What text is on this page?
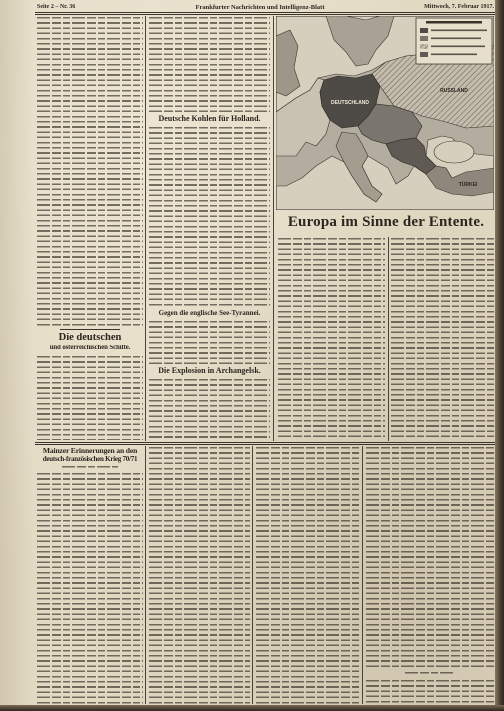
Seite 2 – Nr. 36	Frankfurter Nachrichten und Intelligenz-Blatt	Mittwoch, 7. Februar 1917.
Die deutschen
und österreichischen Schiffe.
Deutsche Kohlen für Holland.
Gegen die englische See-Tyrannei.
Die Explosion in Archangelsk.
DEUTSCHLAND
RUSSLAND
TÜRKEI
Europa im Sinne der Entente.
Mainzer Erinnerungen an den
deutsch-französischen Krieg 70/71
